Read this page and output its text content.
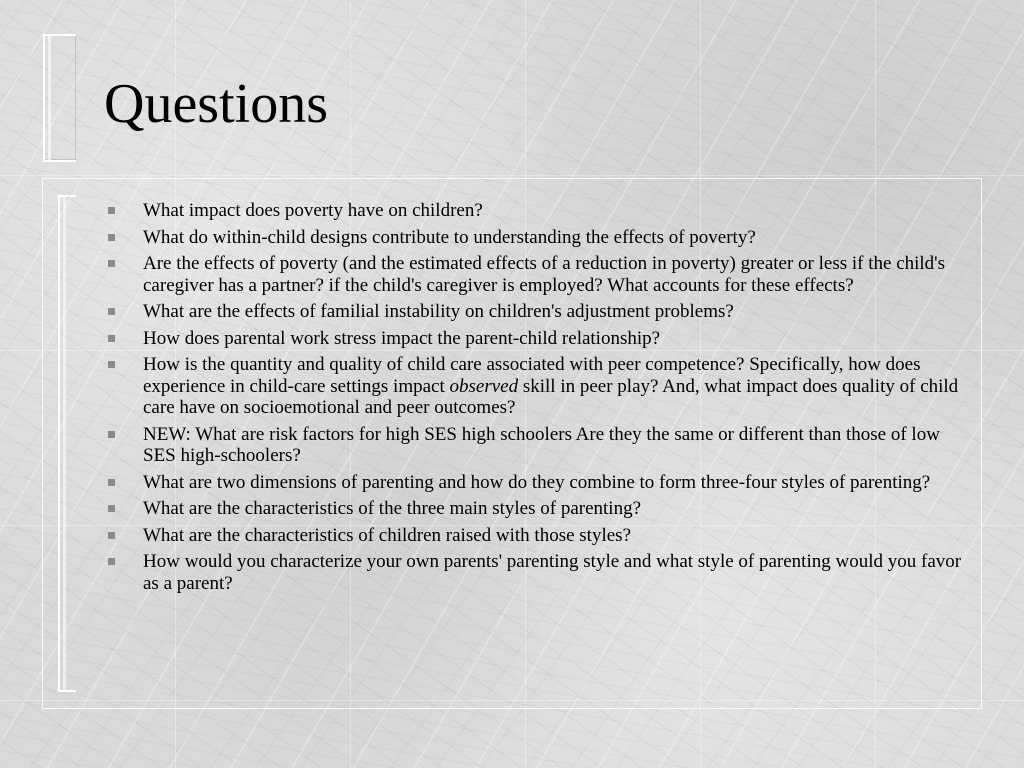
Questions
What impact does poverty have on children?
What do within-child designs contribute to understanding the effects of poverty?
Are the effects of poverty (and the estimated effects of a reduction in poverty) greater or less if the child's caregiver has a partner? if the child's caregiver is employed? What accounts for these effects?
What are the effects of familial instability on children's adjustment problems?
How does parental work stress impact the parent-child relationship?
How is the quantity and quality of child care associated with peer competence? Specifically, how does experience in child-care settings impact observed skill in peer play? And, what impact does quality of child care have on socioemotional and peer outcomes?
NEW: What are risk factors for high SES high schoolers Are they the same or different than those of low SES high-schoolers?
What are two dimensions of parenting and how do they combine to form three-four styles of parenting?
What are the characteristics of the three main styles of parenting?
What are the characteristics of children raised with those styles?
How would you characterize your own parents' parenting style and what style of parenting would you favor as a parent?
